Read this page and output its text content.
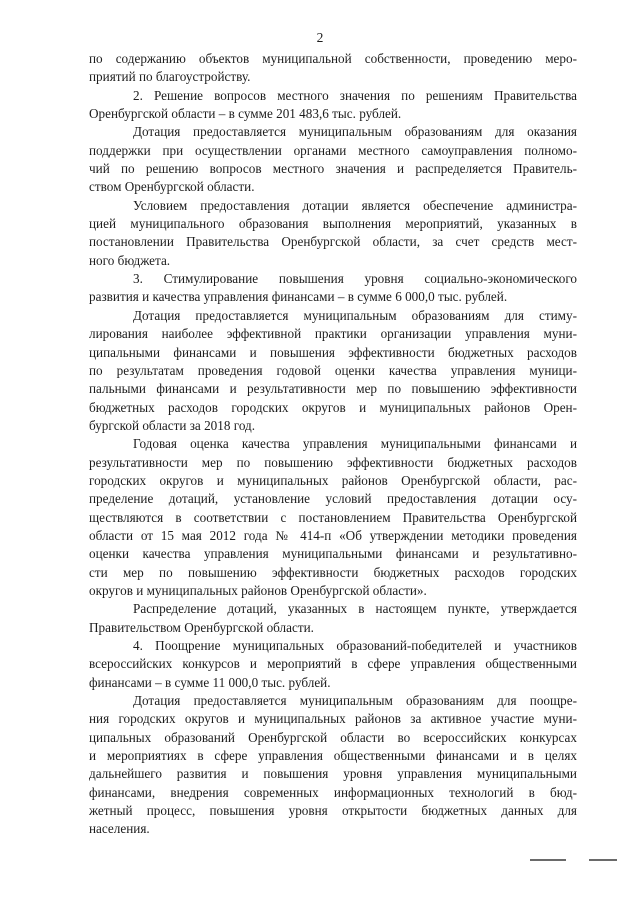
2
по содержанию объектов муниципальной собственности, проведению меро-
приятий по благоустройству.
2. Решение вопросов местного значения по решениям Правительства
Оренбургской области – в сумме 201 483,6 тыс. рублей.
Дотация предоставляется муниципальным образованиям для оказания
поддержки при осуществлении органами местного самоуправления полномо-
чий по решению вопросов местного значения и распределяется Правитель-
ством Оренбургской области.
Условием предоставления дотации является обеспечение администра-
цией муниципального образования выполнения мероприятий, указанных в
постановлении Правительства Оренбургской области, за счет средств мест-
ного бюджета.
3. Стимулирование повышения уровня социально-экономического
развития и качества управления финансами – в сумме 6 000,0 тыс. рублей.
Дотация предоставляется муниципальным образованиям для стиму-
лирования наиболее эффективной практики организации управления муни-
ципальными финансами и повышения эффективности бюджетных расходов
по результатам проведения годовой оценки качества управления муници-
пальными финансами и результативности мер по повышению эффективности
бюджетных расходов городских округов и муниципальных районов Орен-
бургской области за 2018 год.
Годовая оценка качества управления муниципальными финансами и
результативности мер по повышению эффективности бюджетных расходов
городских округов и муниципальных районов Оренбургской области, рас-
пределение дотаций, установление условий предоставления дотации осу-
ществляются в соответствии с постановлением Правительства Оренбургской
области от 15 мая 2012 года № 414-п «Об утверждении методики проведения
оценки качества управления муниципальными финансами и результативно-
сти мер по повышению эффективности бюджетных расходов городских
округов и муниципальных районов Оренбургской области».
Распределение дотаций, указанных в настоящем пункте, утверждается
Правительством Оренбургской области.
4. Поощрение муниципальных образований-победителей и участников
всероссийских конкурсов и мероприятий в сфере управления общественными
финансами – в сумме 11 000,0 тыс. рублей.
Дотация предоставляется муниципальным образованиям для поощре-
ния городских округов и муниципальных районов за активное участие муни-
ципальных образований Оренбургской области во всероссийских конкурсах
и мероприятиях в сфере управления общественными финансами и в целях
дальнейшего развития и повышения уровня управления муниципальными
финансами, внедрения современных информационных технологий в бюд-
жетный процесс, повышения уровня открытости бюджетных данных для
населения.
